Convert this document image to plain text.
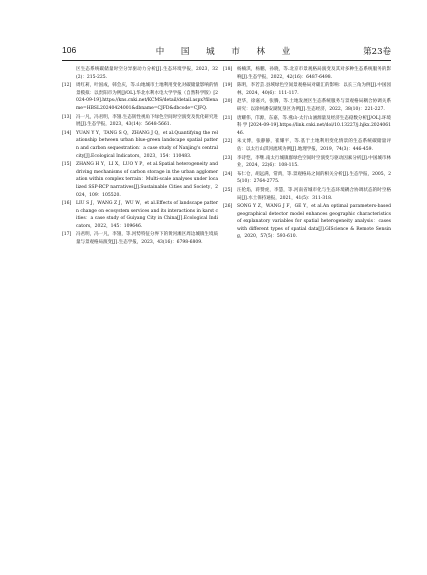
106	中 国 城 市 林 业	第23卷
区生态系统碳储量时空分异驱动力分析[J].生态环境学报，2023，32(2)：215-225.
[12] 周红莉，叶国成，韩会庆，等.山地城市土地利用变化对碳储量影响的情景模拟：以贵阳市为例[J/OL].华北水利水电大学学报（自然科学版）[2024-09-19].https://kns.cnki.net/KCMS/detail/detail.aspx?filename=HBSL20240424001&dbname=CJFD&dbcode=CJFQ.
[13] 冯一凡，冯君明，李翅.生态韧性视角下绿色空间时空演变及优化研究进展[J].生态学报，2023，43(14)：5648-5661.
[14] YUAN Y Y，TANG S Q，ZHANG J Q，et al.Quantifying the relationship between urban blue-green landscape spatial pattern and carbon sequestration：a case study of Nanjing's central city[J].Ecological Indicators，2023，154：110483.
[15] ZHANG H Y，LI X，LUO Y P，et al.Spatial heterogeneity and driving mechanisms of carbon storage in the urban agglomeration within complex terrain：Multi-scale analyses under localized SSP-RCP narratives[J].Sustainable Cities and Society，2024，109：105520.
[16] LIU S J，WANG Z J，WU W，et al.Effects of landscape pattern change on ecosystem services and its interactions in karst cities：a case study of Guiyang City in China[J].Ecological Indicators，2022，145：109646.
[17] 冯君明，冯一凡，李翅，等.河势特征分界下的黄河滩区周边城镇生境质量与景观格局演变[J].生态学报，2023，43(16)：6798-6809.
[18] 杨楠淇，杨鹏，孙晓，等.北京市景观格局演变及其对多种生态系统服务的影响[J].生态学报，2022，42(16)：6487-6498.
[19] 陈明，李若芸.县域绿色空间景观格局对碳汇的影响：以长三角为例[J].中国园林，2024，40(6)：111-117.
[20] 赵华，徐嘉兴，张腾，等.土地发展区生态系统服务与景观格局耦合协调关系研究：以徐州潘安湖复垦区为例[J].生态经济，2022，38(10)：221-227.
[21] 唐耀伟，邝源，东嘉，等.燕山-太行山涵源量及经济生态稳数分析[J/OL].环境科学[2024-09-19].https://link.cnki.net/doi/10.13227/j.hjkx.202406146.
[22] 朱文博，张静静，崔耀平，等.基于土地利用变化情景的生态系统碳储量评估：以太行山淇河流域为例[J].地理学报，2019，74(3)：446-459.
[23] 李诗恺，李继.南太行城镇群绿色空间时空演变与驱动因素分析[J].中国城市林业，2024，22(6)：108-115.
[24] 布仁仓，胡远满，常禹，等.景观格局之间的相关分析[J].生态学报，2005，25(10)：2764-2775.
[25] 汪伦焰，蒋赞虎，李慧，等.河南省城市化与生态环境耦合协调状态的时空格局[J].水土保持通报，2021，41(5)：311-318.
[26] SONG Y Z，WANG J F，GE Y，et al.An optimal parameters-based geographical detector model enhances geographic characteristics of explanatory variables for spatial heterogeneity analysis：cases with different types of spatial data[J].GIScience & Remote Sensing，2020，57(5)：593-610.
